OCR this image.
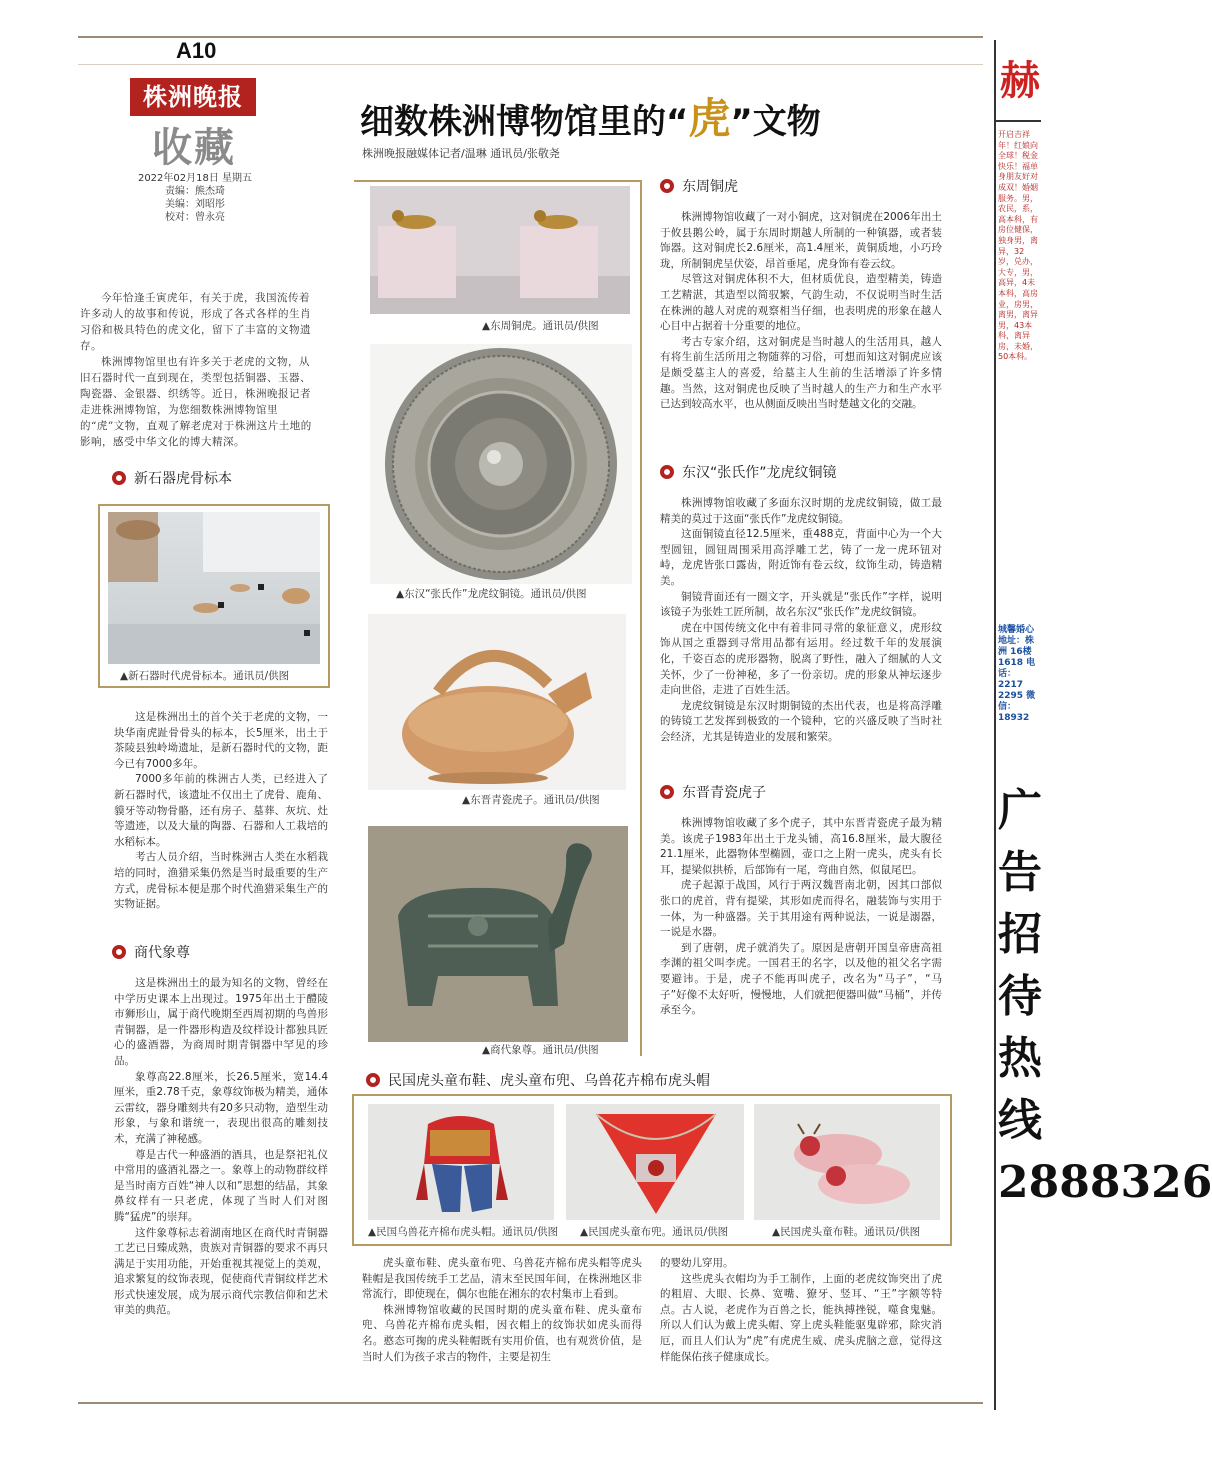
A10
株洲晚报
收藏
2022年02月18日 星期五
责编：熊杰琦
美编：刘昭彤
校对：曾永亮
细数株洲博物馆里的“虎”文物
株洲晚报融媒体记者/温琳 通讯员/张敬尧

今年恰逢壬寅虎年，有关于虎，我国流传着许多动人的故事和传说，形成了各式各样的生肖习俗和极具特色的虎文化，留下了丰富的文物遗存。

株洲博物馆里也有许多关于老虎的文物，从旧石器时代一直到现在，类型包括铜器、玉器、陶瓷器、金银器、织绣等。近日，株洲晚报记者走进株洲博物馆，为您细数株洲博物馆里的“虎”文物，直观了解老虎对于株洲这片土地的影响，感受中华文化的博大精深。

新石器虎骨标本
▲新石器时代虎骨标本。通讯员/供图

这是株洲出土的首个关于老虎的文物，一块华南虎趾骨骨头的标本，长5厘米，出土于茶陵县独岭坳遗址，是新石器时代的文物，距今已有7000多年。

7000多年前的株洲古人类，已经进入了新石器时代，该遗址不仅出土了虎骨、鹿角、貘牙等动物骨骼，还有房子、墓葬、灰坑、灶等遗迹，以及大量的陶器、石器和人工栽培的水稻标本。

考古人员介绍，当时株洲古人类在水稻栽培的同时，渔猎采集仍然是当时最重要的生产方式，虎骨标本便是那个时代渔猎采集生产的实物证据。

商代象尊

这是株洲出土的最为知名的文物，曾经在中学历史课本上出现过。1975年出土于醴陵市狮形山，属于商代晚期至西周初期的鸟兽形青铜器，是一件器形构造及纹样设计都独具匠心的盛酒器，为商周时期青铜器中罕见的珍品。

象尊高22.8厘米，长26.5厘米，宽14.4厘米，重2.78千克，象尊纹饰极为精美，通体云雷纹，器身雕刻共有20多只动物，造型生动形象，与象和谐统一，表现出很高的雕刻技术，充满了神秘感。

尊是古代一种盛酒的酒具，也是祭祀礼仪中常用的盛酒礼器之一。象尊上的动物群纹样是当时南方百姓“神人以和”思想的结晶，其象鼻纹样有一只老虎，体现了当时人们对图腾“猛虎”的崇拜。

这件象尊标志着湖南地区在商代时青铜器工艺已日臻成熟，贵族对青铜器的要求不再只满足于实用功能，开始重视其视觉上的美观，追求繁复的纹饰表现，促使商代青铜纹样艺术形式快速发展，成为展示商代宗教信仰和艺术审美的典范。

▲东周铜虎。通讯员/供图
▲东汉“张氏作”龙虎纹铜镜。通讯员/供图
▲东晋青瓷虎子。通讯员/供图
▲商代象尊。通讯员/供图
东周铜虎

株洲博物馆收藏了一对小铜虎，这对铜虎在2006年出土于攸县鹅公岭，属于东周时期越人所制的一种镇器，或者装饰器。这对铜虎长2.6厘米，高1.4厘米，黄铜质地，小巧玲珑，所制铜虎呈伏姿，昂首垂尾，虎身饰有卷云纹。

尽管这对铜虎体积不大，但材质优良，造型精美，铸造工艺精湛，其造型以简驭繁，气韵生动，不仅说明当时生活在株洲的越人对虎的观察相当仔细，也表明虎的形象在越人心目中占据着十分重要的地位。

考古专家介绍，这对铜虎是当时越人的生活用具，越人有将生前生活所用之物随葬的习俗，可想而知这对铜虎应该是颇受墓主人的喜爱，给墓主人生前的生活增添了许多情趣。当然，这对铜虎也反映了当时越人的生产力和生产水平已达到较高水平，也从侧面反映出当时楚越文化的交融。

东汉“张氏作”龙虎纹铜镜

株洲博物馆收藏了多面东汉时期的龙虎纹铜镜，做工最精美的莫过于这面“张氏作”龙虎纹铜镜。

这面铜镜直径12.5厘米，重488克，背面中心为一个大型圆钮，圆钮周围采用高浮雕工艺，铸了一龙一虎环钮对峙，龙虎皆张口露齿，附近饰有卷云纹，纹饰生动，铸造精美。

铜镜背面还有一圈文字，开头就是“张氏作”字样，说明该镜子为张姓工匠所制，故名东汉“张氏作”龙虎纹铜镜。

虎在中国传统文化中有着非同寻常的象征意义，虎形纹饰从国之重器到寻常用品都有运用。经过数千年的发展演化，千姿百态的虎形器物，脱离了野性，融入了细腻的人文关怀，少了一份神秘，多了一份亲切。虎的形象从神坛逐步走向世俗，走进了百姓生活。

龙虎纹铜镜是东汉时期铜镜的杰出代表，也是将高浮雕的铸镜工艺发挥到极致的一个镜种，它的兴盛反映了当时社会经济，尤其是铸造业的发展和繁荣。

东晋青瓷虎子

株洲博物馆收藏了多个虎子，其中东晋青瓷虎子最为精美。该虎子1983年出土于龙头铺，高16.8厘米，最大腹径21.1厘米，此器物体型椭圆，壶口之上附一虎头，虎头有长耳，提梁似拱桥，后部饰有一尾，弯曲自然，似鼠尾巴。

虎子起源于战国，风行于两汉魏晋南北朝，因其口部似张口的虎首，背有提梁，其形如虎而得名，融装饰与实用于一体，为一种盛器。关于其用途有两种说法，一说是溺器，一说是水器。

到了唐朝，虎子就消失了。原因是唐朝开国皇帝唐高祖李渊的祖父叫李虎。一国君王的名字，以及他的祖父名字需要避讳。于是，虎子不能再叫虎子，改名为“马子”，“马子”好像不太好听，慢慢地，人们就把便器叫做“马桶”，并传承至今。

民国虎头童布鞋、虎头童布兜、乌兽花卉棉布虎头帽
▲民国乌兽花卉棉布虎头帽。通讯员/供图 ▲民国虎头童布兜。通讯员/供图	▲民国虎头童布鞋。通讯员/供图

虎头童布鞋、虎头童布兜、乌兽花卉棉布虎头帽等虎头鞋帽是我国传统手工艺品，清末至民国年间，在株洲地区非常流行，即使现在，偶尔也能在湘东的农村集市上看到。

株洲博物馆收藏的民国时期的虎头童布鞋、虎头童布兜、乌兽花卉棉布虎头帽，因衣帽上的纹饰状如虎头而得名。憨态可掬的虎头鞋帽既有实用价值，也有观赏价值，是当时人们为孩子求吉的物件，主要是初生

的婴幼儿穿用。

这些虎头衣帽均为手工制作，上面的老虎纹饰突出了虎的粗眉、大眼、长鼻、宽嘴、獠牙、竖耳、“王”字额等特点。古人说，老虎作为百兽之长，能执搏挫锐，噬食鬼魅。所以人们认为戴上虎头帽、穿上虎头鞋能驱鬼辟邪，除灾消厄，而且人们认为“虎”有虎虎生威、虎头虎脑之意，觉得这样能保佑孩子健康成长。

赫
开启吉祥年！红娘向全球！税金快乐！福单身朋友好对成双！婚姻服务。男，农民，系，高本科，有房位健保，独身男，离异，32岁，兑办，大专，男，高异，4未本科，高房业，房男，离男，离异男，43本科，离异房，未婚，50本科。
城馨婚心 地址：株洲 16楼1618 电话： 2217 2295 微信： 18932
广告招待热线2888326
